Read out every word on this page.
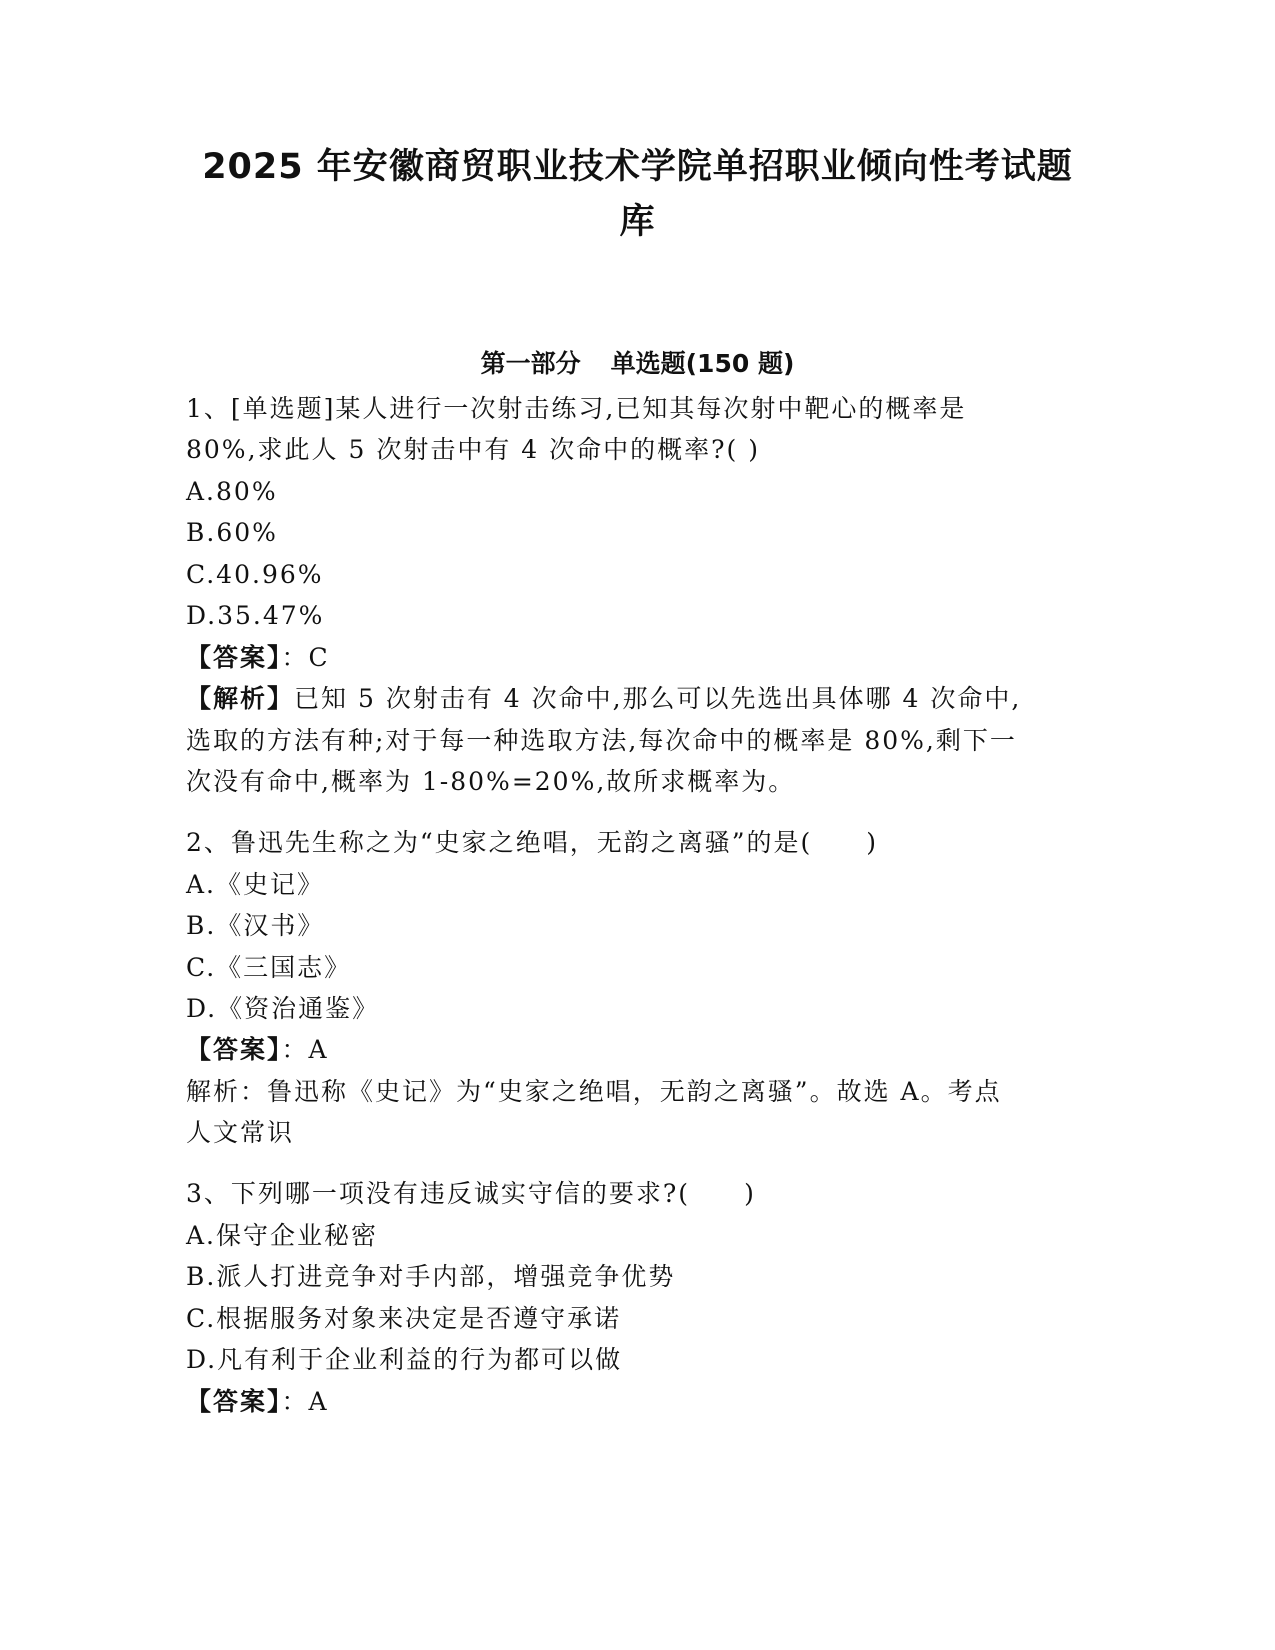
2025 年安徽商贸职业技术学院单招职业倾向性考试题
库
第一部分 单选题(150 题)
1、[单选题]某人进行一次射击练习,已知其每次射中靶心的概率是
80%,求此人 5 次射击中有 4 次命中的概率?( )
A.80%
B.60%
C.40.96%
D.35.47%
【答案】：C
【解析】已知 5 次射击有 4 次命中,那么可以先选出具体哪 4 次命中,
选取的方法有种;对于每一种选取方法,每次命中的概率是 80%,剩下一
次没有命中,概率为 1-80%=20%,故所求概率为。
2、鲁迅先生称之为“史家之绝唱，无韵之离骚”的是(　　)
A.《史记》
B.《汉书》
C.《三国志》
D.《资治通鉴》
【答案】：A
解析：鲁迅称《史记》为“史家之绝唱，无韵之离骚”。故选 A。考点
人文常识
3、下列哪一项没有违反诚实守信的要求?(　　)
A.保守企业秘密
B.派人打进竞争对手内部，增强竞争优势
C.根据服务对象来决定是否遵守承诺
D.凡有利于企业利益的行为都可以做
【答案】：A
